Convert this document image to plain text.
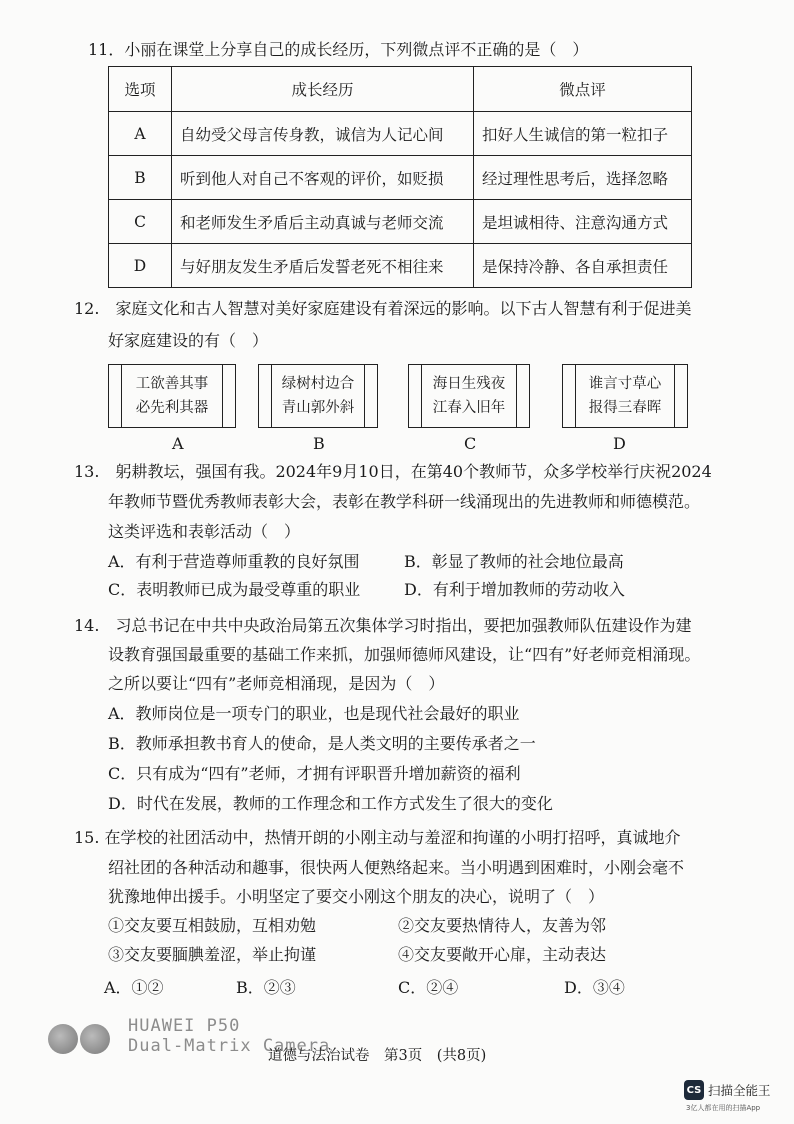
11．小丽在课堂上分享自己的成长经历，下列微点评不正确的是（　）
选项	成长经历	微点评
A	自幼受父母言传身教，诚信为人记心间	扣好人生诚信的第一粒扣子
B	听到他人对自己不客观的评价，如贬损	经过理性思考后，选择忽略
C	和老师发生矛盾后主动真诚与老师交流	是坦诚相待、注意沟通方式
D	与好朋友发生矛盾后发誓老死不相往来	是保持冷静、各自承担责任
12.　家庭文化和古人智慧对美好家庭建设有着深远的影响。以下古人智慧有利于促进美
好家庭建设的有（　）
工欲善其事
必先利其器
绿树村边合
青山郭外斜
海日生残夜
江春入旧年
谁言寸草心
报得三春晖
A	B	C	D
13.　躬耕教坛，强国有我。2024年9月10日，在第40个教师节，众多学校举行庆祝2024
年教师节暨优秀教师表彰大会，表彰在教学科研一线涌现出的先进教师和师德模范。
这类评选和表彰活动（　）
A．有利于营造尊师重教的良好氛围	B．彰显了教师的社会地位最高
C．表明教师已成为最受尊重的职业	D．有利于增加教师的劳动收入
14.　习总书记在中共中央政治局第五次集体学习时指出，要把加强教师队伍建设作为建
设教育强国最重要的基础工作来抓，加强师德师风建设，让“四有”好老师竞相涌现。
之所以要让“四有”老师竞相涌现，是因为（　）
A．教师岗位是一项专门的职业，也是现代社会最好的职业
B．教师承担教书育人的使命，是人类文明的主要传承者之一
C．只有成为“四有”老师，才拥有评职晋升增加薪资的福利
D．时代在发展，教师的工作理念和工作方式发生了很大的变化
15. 在学校的社团活动中，热情开朗的小刚主动与羞涩和拘谨的小明打招呼，真诚地介
绍社团的各种活动和趣事，很快两人便熟络起来。当小明遇到困难时，小刚会毫不
犹豫地伸出援手。小明坚定了要交小刚这个朋友的决心，说明了（　）
①交友要互相鼓励，互相劝勉	②交友要热情待人，友善为邻
③交友要腼腆羞涩，举止拘谨	④交友要敞开心扉，主动表达
A．①②	B．②③	C．②④	D．③④
HUAWEI P50
Dual-Matrix Camera
道德与法治试卷　第3页　(共8页)
CS 扫描全能王
3亿人都在用的扫描App
